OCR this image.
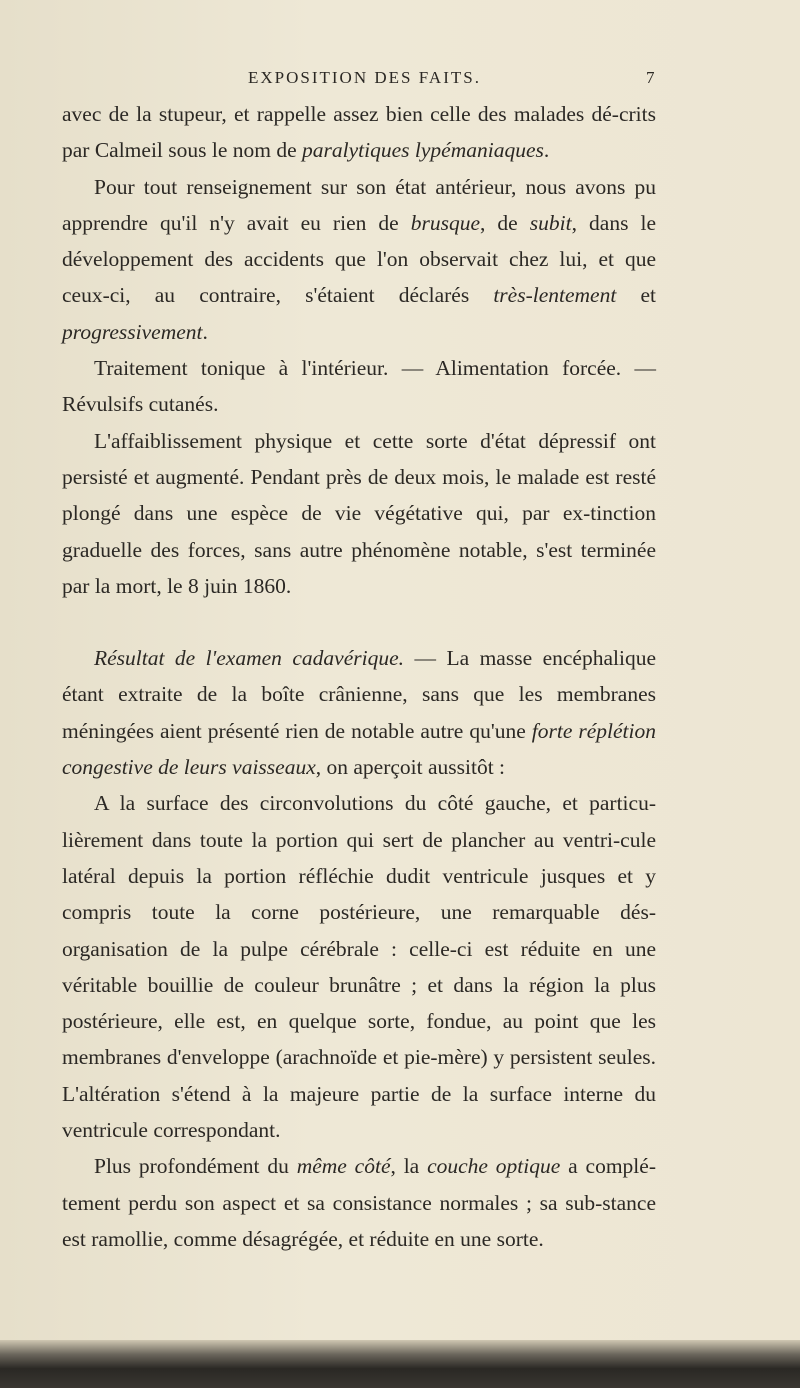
EXPOSITION DES FAITS.	7

avec de la stupeur, et rappelle assez bien celle des malades dé-crits par Calmeil sous le nom de paralytiques lypémaniaques.

Pour tout renseignement sur son état antérieur, nous avons pu apprendre qu'il n'y avait eu rien de brusque, de subit, dans le développement des accidents que l'on observait chez lui, et que ceux-ci, au contraire, s'étaient déclarés très-lentement et progressivement.

Traitement tonique à l'intérieur. — Alimentation forcée. — Révulsifs cutanés.

L'affaiblissement physique et cette sorte d'état dépressif ont persisté et augmenté. Pendant près de deux mois, le malade est resté plongé dans une espèce de vie végétative qui, par ex-tinction graduelle des forces, sans autre phénomène notable, s'est terminée par la mort, le 8 juin 1860.

Résultat de l'examen cadavérique. — La masse encéphalique étant extraite de la boîte crânienne, sans que les membranes méningées aient présenté rien de notable autre qu'une forte réplétion congestive de leurs vaisseaux, on aperçoit aussitôt :

A la surface des circonvolutions du côté gauche, et particu-lièrement dans toute la portion qui sert de plancher au ventri-cule latéral depuis la portion réfléchie dudit ventricule jusques et y compris toute la corne postérieure, une remarquable dés-organisation de la pulpe cérébrale : celle-ci est réduite en une véritable bouillie de couleur brunâtre ; et dans la région la plus postérieure, elle est, en quelque sorte, fondue, au point que les membranes d'enveloppe (arachnoïde et pie-mère) y persistent seules. L'altération s'étend à la majeure partie de la surface interne du ventricule correspondant.

Plus profondément du même côté, la couche optique a complé-tement perdu son aspect et sa consistance normales ; sa sub-stance est ramollie, comme désagrégée, et réduite en une sorte.
